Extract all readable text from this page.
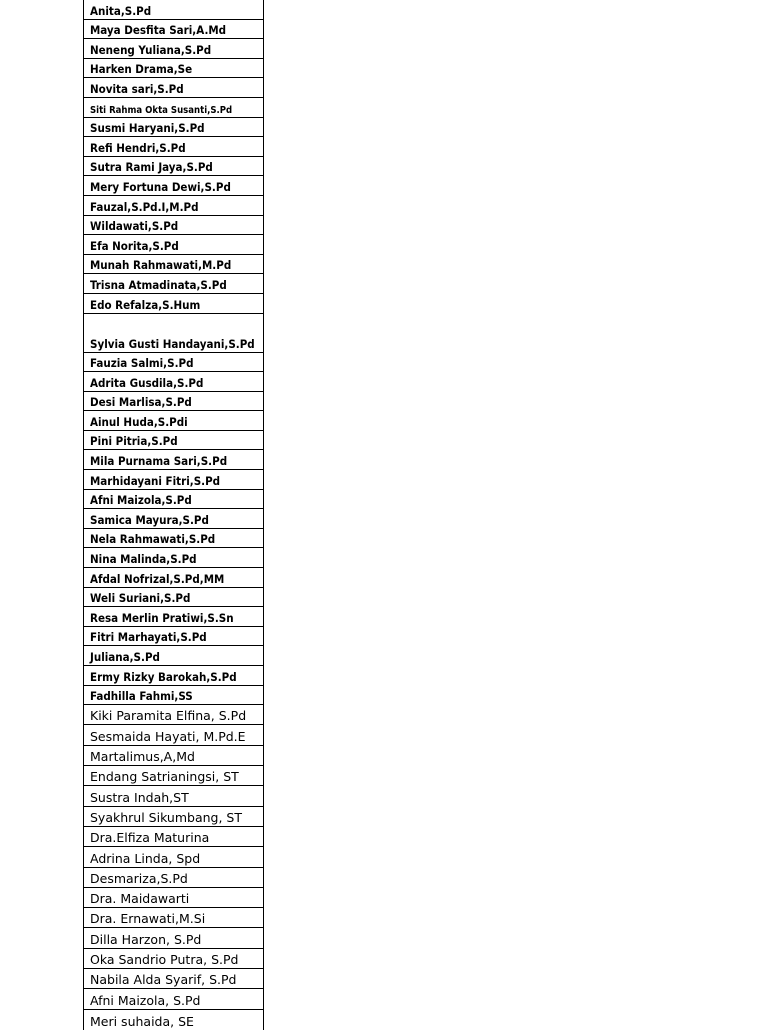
Anita,S.Pd
Maya Desfita Sari,A.Md
Neneng Yuliana,S.Pd
Harken Drama,Se
Novita sari,S.Pd
Siti Rahma Okta Susanti,S.Pd
Susmi Haryani,S.Pd
Refi Hendri,S.Pd
Sutra Rami Jaya,S.Pd
Mery Fortuna Dewi,S.Pd
Fauzal,S.Pd.I,M.Pd
Wildawati,S.Pd
Efa Norita,S.Pd
Munah Rahmawati,M.Pd
Trisna Atmadinata,S.Pd
Edo Refalza,S.Hum
Sylvia Gusti Handayani,S.Pd
Fauzia Salmi,S.Pd
Adrita Gusdila,S.Pd
Desi Marlisa,S.Pd
Ainul Huda,S.Pdi
Pini Pitria,S.Pd
Mila Purnama Sari,S.Pd
Marhidayani Fitri,S.Pd
Afni Maizola,S.Pd
Samica Mayura,S.Pd
Nela Rahmawati,S.Pd
Nina Malinda,S.Pd
Afdal Nofrizal,S.Pd,MM
Weli Suriani,S.Pd
Resa Merlin Pratiwi,S.Sn
Fitri Marhayati,S.Pd
Juliana,S.Pd
Ermy Rizky Barokah,S.Pd
Fadhilla Fahmi,SS
Kiki Paramita Elfina, S.Pd
Sesmaida Hayati, M.Pd.E
Martalimus,A,Md
Endang Satrianingsi, ST
Sustra Indah,ST
Syakhrul Sikumbang, ST
Dra.Elfiza Maturina
Adrina Linda, Spd
Desmariza,S.Pd
Dra. Maidawarti
Dra. Ernawati,M.Si
Dilla Harzon, S.Pd
Oka Sandrio Putra, S.Pd
Nabila Alda Syarif, S.Pd
Afni Maizola, S.Pd
Meri suhaida, SE
